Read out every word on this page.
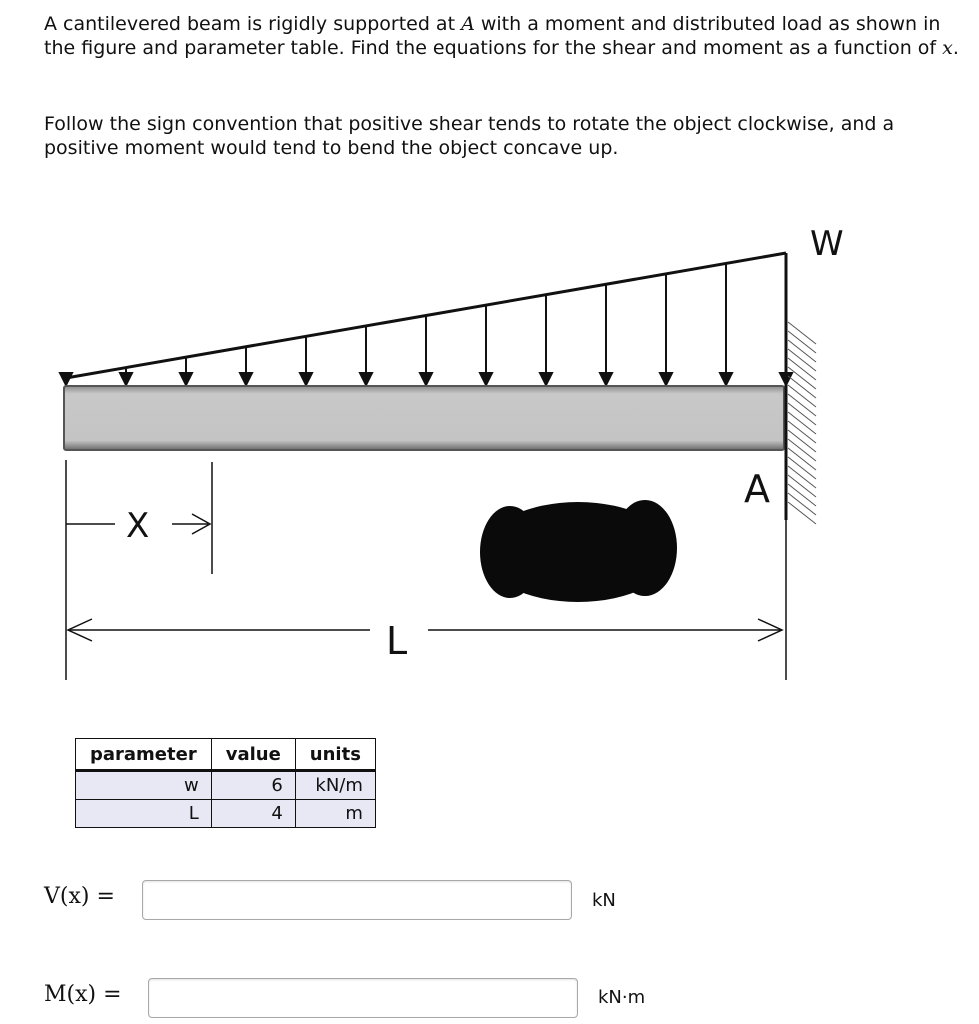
A cantilevered beam is rigidly supported at A with a moment and distributed load as shown in the figure and parameter table. Find the equations for the shear and moment as a function of x.

Follow the sign convention that positive shear tends to rotate the object clockwise, and a positive moment would tend to bend the object concave up.

W
A
X
L
parameter	value	units
w	6	kN/m
L	4	m
V(x) =	kN
M(x) =	kN·m
